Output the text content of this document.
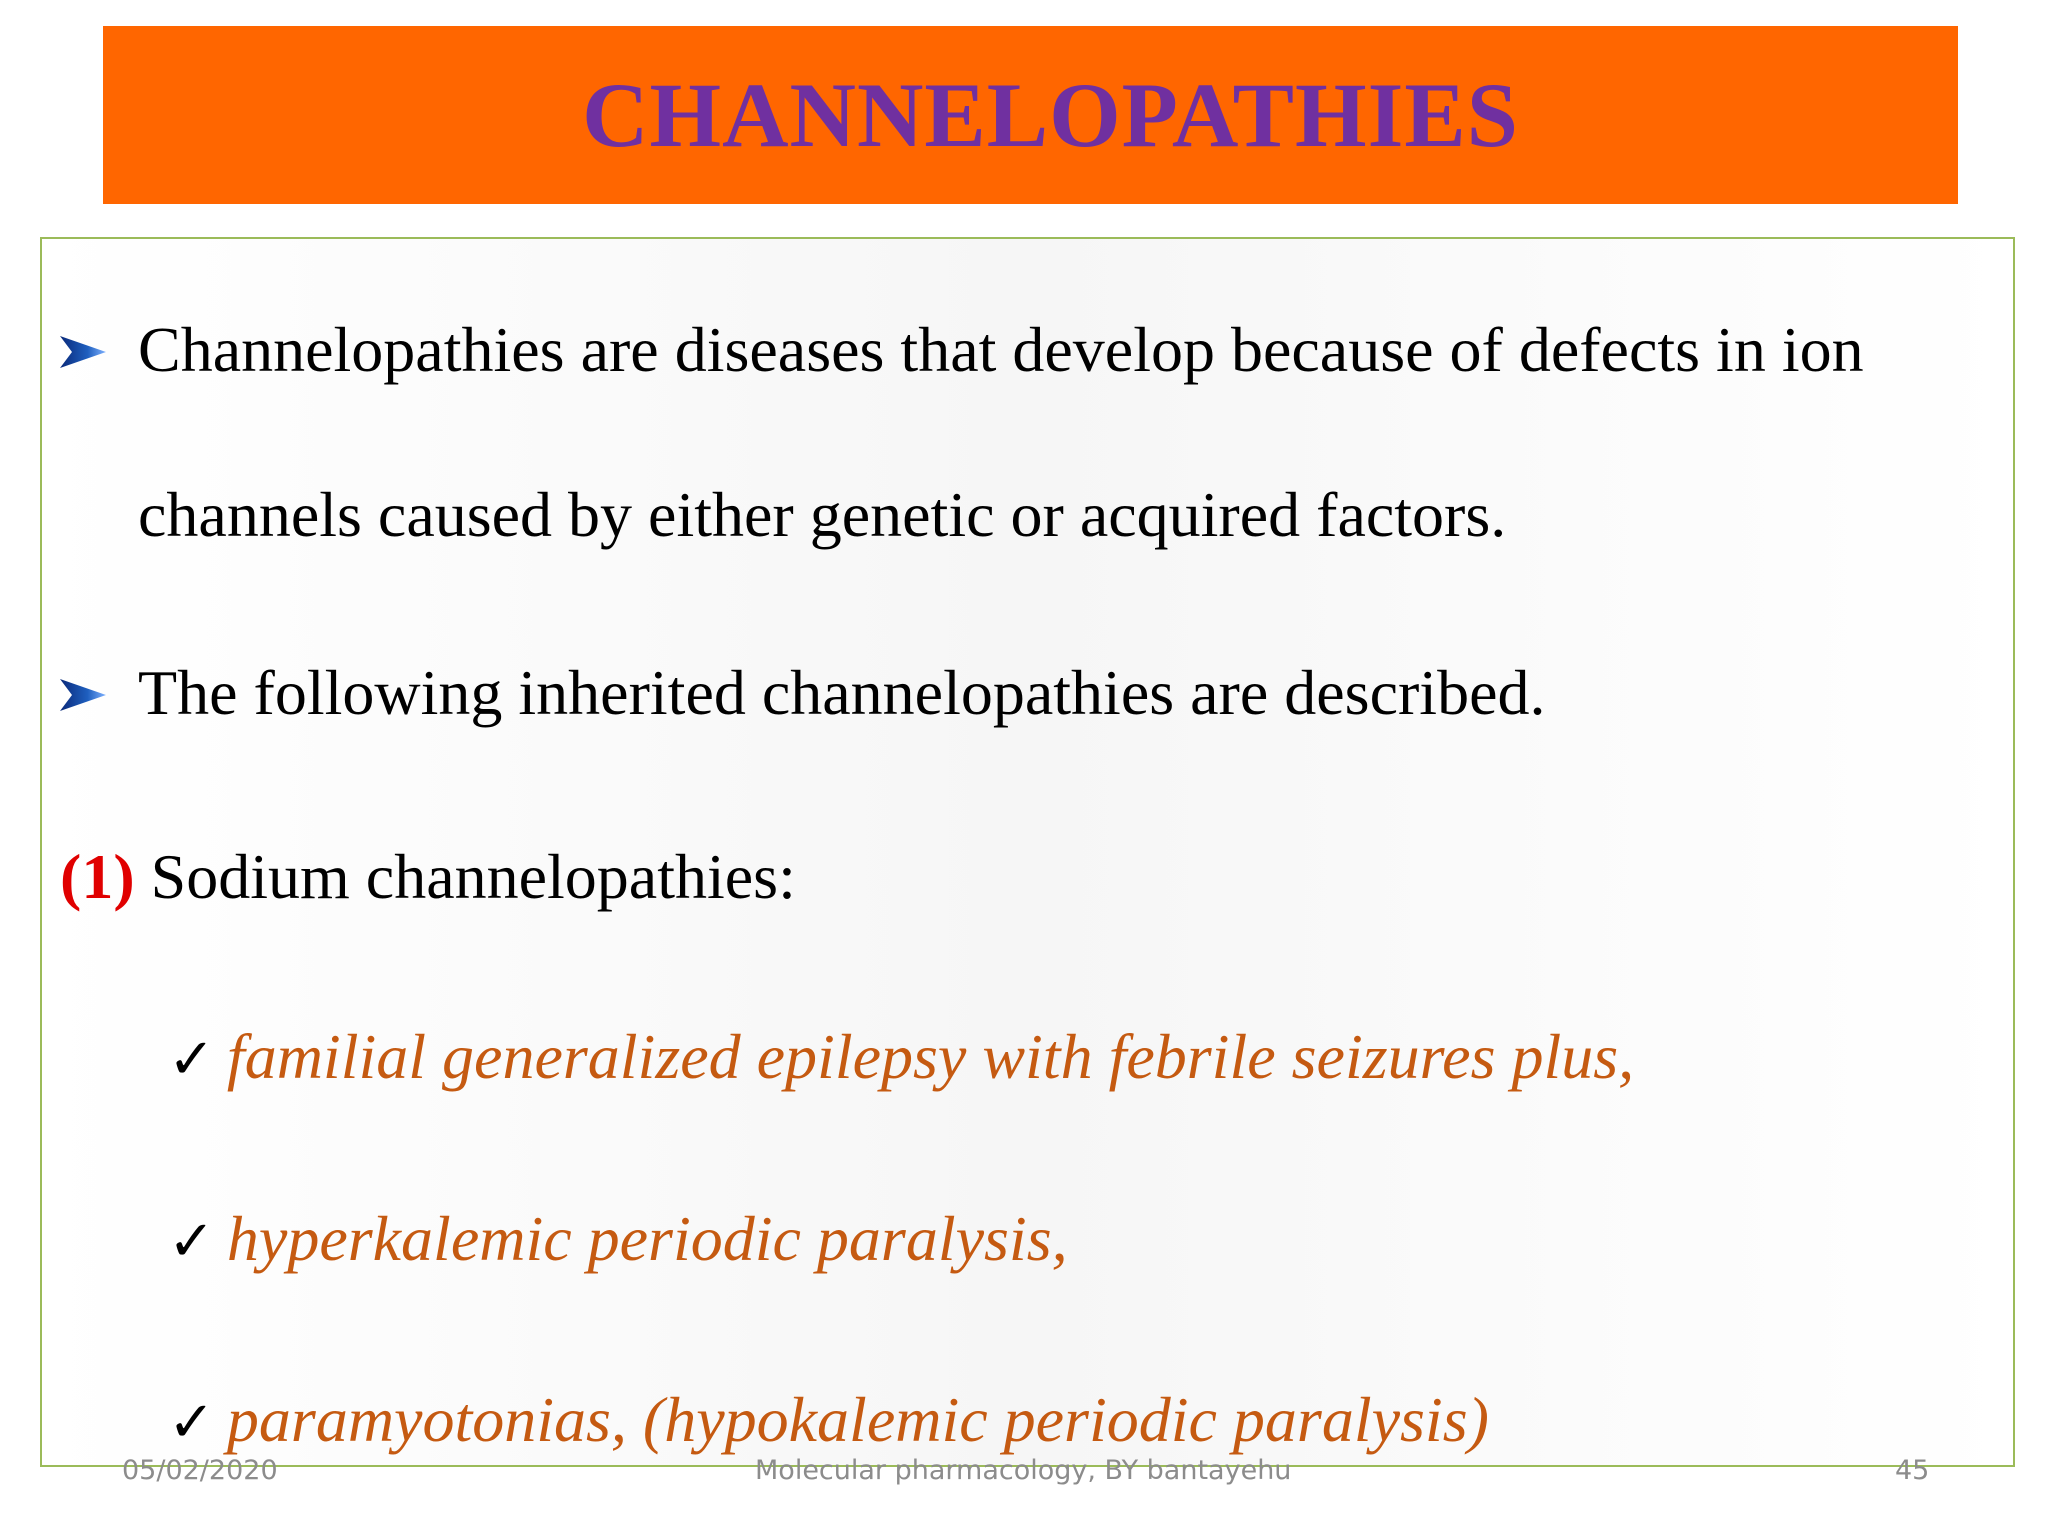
CHANNELOPATHIES
Channelopathies are diseases that develop because of defects in ion
channels caused by either genetic or acquired factors.
The following inherited channelopathies are described.
(1) Sodium channelopathies:
✓ familial generalized epilepsy with febrile seizures plus,
✓ hyperkalemic periodic paralysis,
✓ paramyotonias, (hypokalemic periodic paralysis)
05/02/2020	Molecular pharmacology, BY bantayehu	45
